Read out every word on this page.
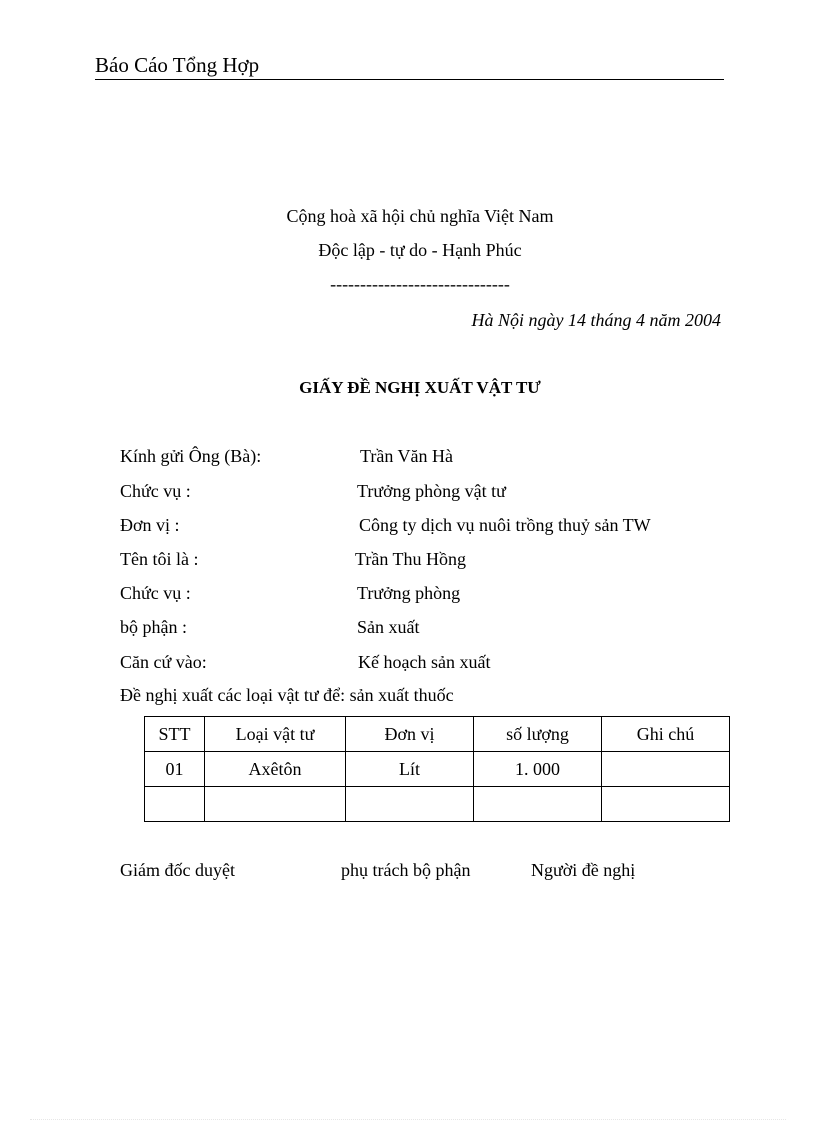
Báo Cáo Tổng Hợp
Cộng hoà xã hội chủ nghĩa Việt Nam
Độc lập - tự do - Hạnh Phúc
------------------------------
Hà Nội ngày 14 tháng 4 năm 2004
GIẤY ĐỀ NGHỊ XUẤT VẬT TƯ
Kính gửi Ông (Bà):	Trần Văn Hà
Chức vụ :	Trưởng phòng vật tư
Đơn vị :	Công ty dịch vụ nuôi trồng thuỷ sản TW
Tên tôi là :	Trần Thu Hồng
Chức vụ :	Trưởng phòng
bộ phận :	Sản xuất
Căn cứ vào:	Kế hoạch sản xuất
Đề nghị xuất các loại vật tư để: sản xuất thuốc
STT	Loại vật tư	Đơn vị	số lượng	Ghi chú
01	Axêtôn	Lít	1. 000	

Giám đốc duyệt	phụ trách bộ phận	Người đề nghị
